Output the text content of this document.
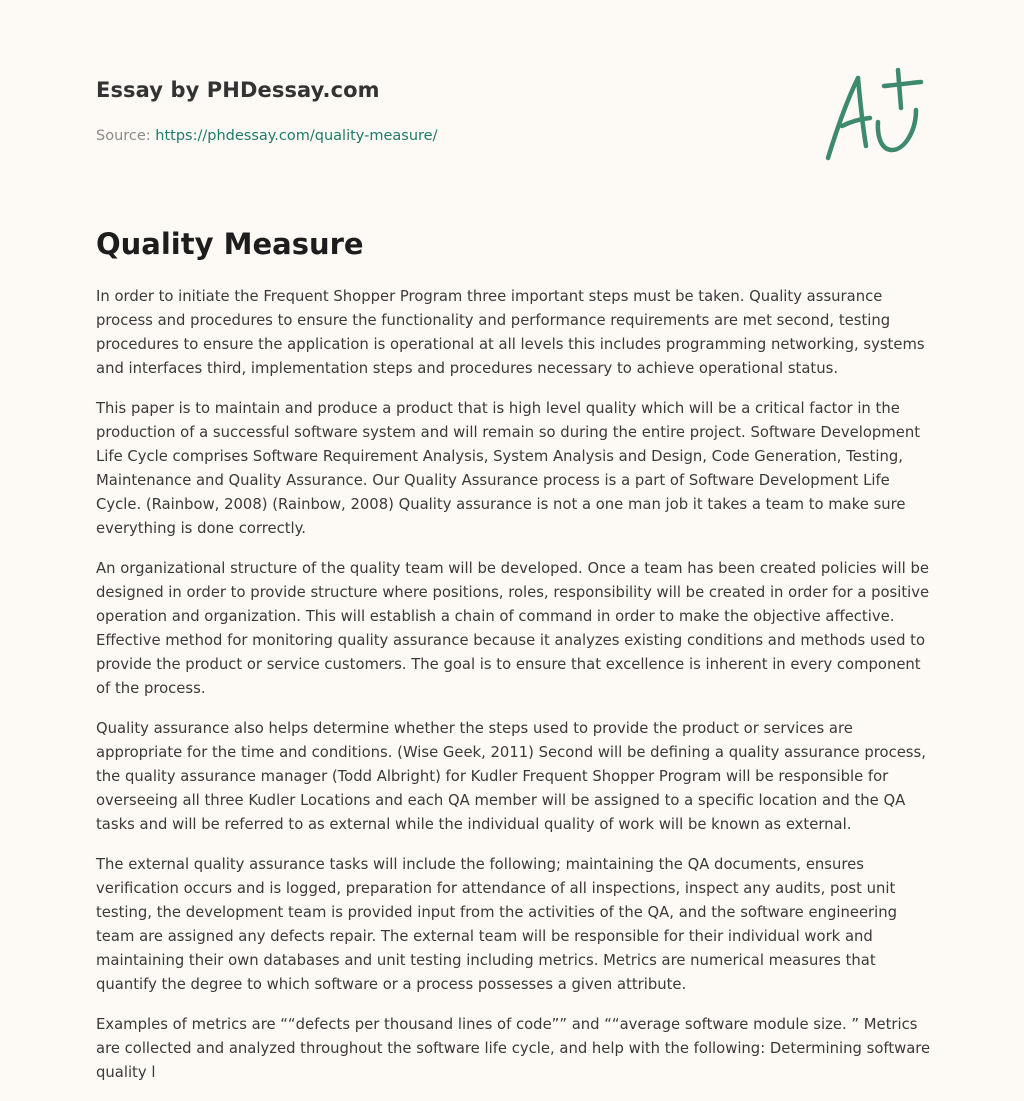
Essay by PHDessay.com
Source: https://phdessay.com/quality-measure/
Quality Measure

In order to initiate the Frequent Shopper Program three important steps must be taken. Quality assurance process and procedures to ensure the functionality and performance requirements are met second, testing procedures to ensure the application is operational at all levels this includes programming networking, systems and interfaces third, implementation steps and procedures necessary to achieve operational status.

This paper is to maintain and produce a product that is high level quality which will be a critical factor in the production of a successful software system and will remain so during the entire project. Software Development Life Cycle comprises Software Requirement Analysis, System Analysis and Design, Code Generation, Testing, Maintenance and Quality Assurance. Our Quality Assurance process is a part of Software Development Life Cycle. (Rainbow, 2008) (Rainbow, 2008) Quality assurance is not a one man job it takes a team to make sure everything is done correctly.

An organizational structure of the quality team will be developed. Once a team has been created policies will be designed in order to provide structure where positions, roles, responsibility will be created in order for a positive operation and organization. This will establish a chain of command in order to make the objective affective. Effective method for monitoring quality assurance because it analyzes existing conditions and methods used to provide the product or service customers. The goal is to ensure that excellence is inherent in every component of the process.

Quality assurance also helps determine whether the steps used to provide the product or services are appropriate for the time and conditions. (Wise Geek, 2011) Second will be defining a quality assurance process, the quality assurance manager (Todd Albright) for Kudler Frequent Shopper Program will be responsible for overseeing all three Kudler Locations and each QA member will be assigned to a specific location and the QA tasks and will be referred to as external while the individual quality of work will be known as external.

The external quality assurance tasks will include the following; maintaining the QA documents, ensures verification occurs and is logged, preparation for attendance of all inspections, inspect any audits, post unit testing, the development team is provided input from the activities of the QA, and the software engineering team are assigned any defects repair. The external team will be responsible for their individual work and maintaining their own databases and unit testing including metrics. Metrics are numerical measures that quantify the degree to which software or a process possesses a given attribute.

Examples of metrics are ““defects per thousand lines of code”” and ““average software module size. ” Metrics are collected and analyzed throughout the software life cycle, and help with the following: Determining software quality l
